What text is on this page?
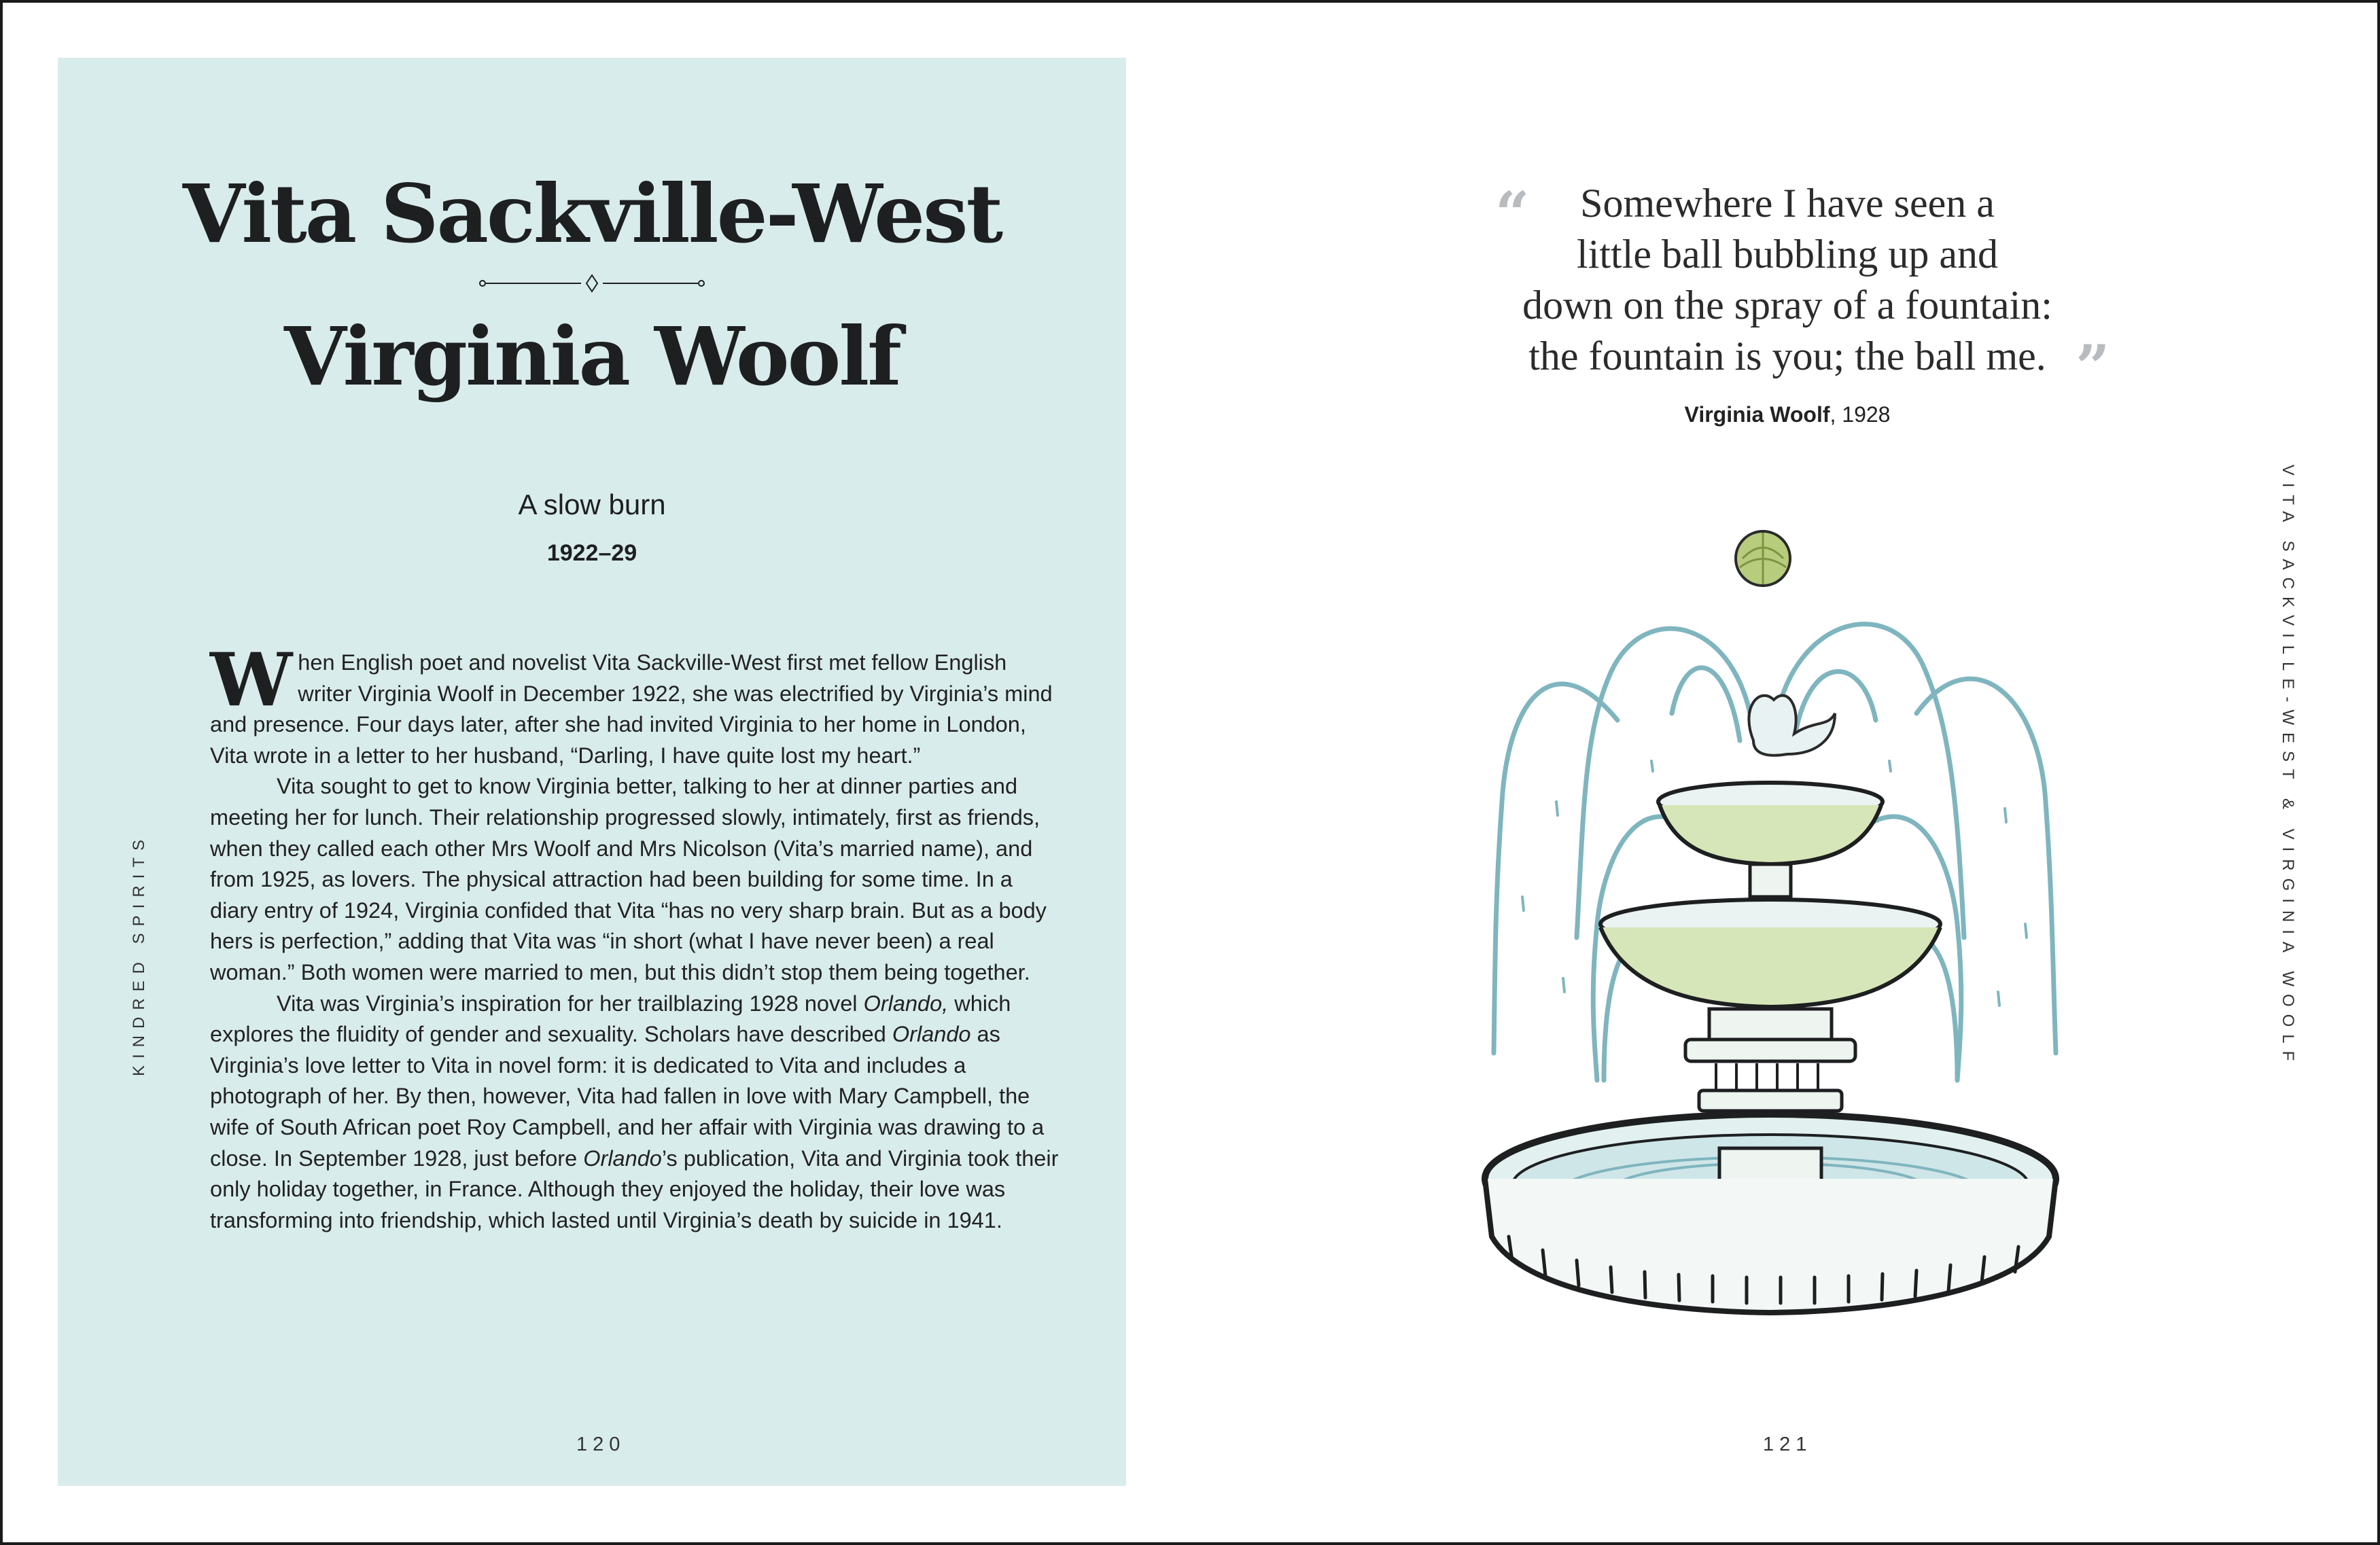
Vita Sackville-West
Virginia Woolf
A slow burn
1922–29
KINDRED SPIRITS

When English poet and novelist Vita Sackville-West first met fellow English writer Virginia Woolf in December 1922, she was electrified by Virginia’s mind and presence. Four days later, after she had invited Virginia to her home in London, Vita wrote in a letter to her husband, “Darling, I have quite lost my heart.”

Vita sought to get to know Virginia better, talking to her at dinner parties and meeting her for lunch. Their relationship progressed slowly, intimately, first as friends, when they called each other Mrs Woolf and Mrs Nicolson (Vita’s married name), and from 1925, as lovers. The physical attraction had been building for some time. In a diary entry of 1924, Virginia confided that Vita “has no very sharp brain. But as a body hers is perfection,” adding that Vita was “in short (what I have never been) a real woman.” Both women were married to men, but this didn’t stop them being together.

Vita was Virginia’s inspiration for her trailblazing 1928 novel Orlando, which explores the fluidity of gender and sexuality. Scholars have described Orlando as Virginia’s love letter to Vita in novel form: it is dedicated to Vita and includes a photograph of her. By then, however, Vita had fallen in love with Mary Campbell, the wife of South African poet Roy Campbell, and her affair with Virginia was drawing to a close. In September 1928, just before Orlando’s publication, Vita and Virginia took their only holiday together, in France. Although they enjoyed the holiday, their love was transforming into friendship, which lasted until Virginia’s death by suicide in 1941.

120
“	Somewhere I have seen a
little ball bubbling up and
down on the spray of a fountain:
the fountain is you; the ball me. ”
Virginia Woolf, 1928
VITA SACKVILLE-WEST & VIRGINIA WOOLF
121
